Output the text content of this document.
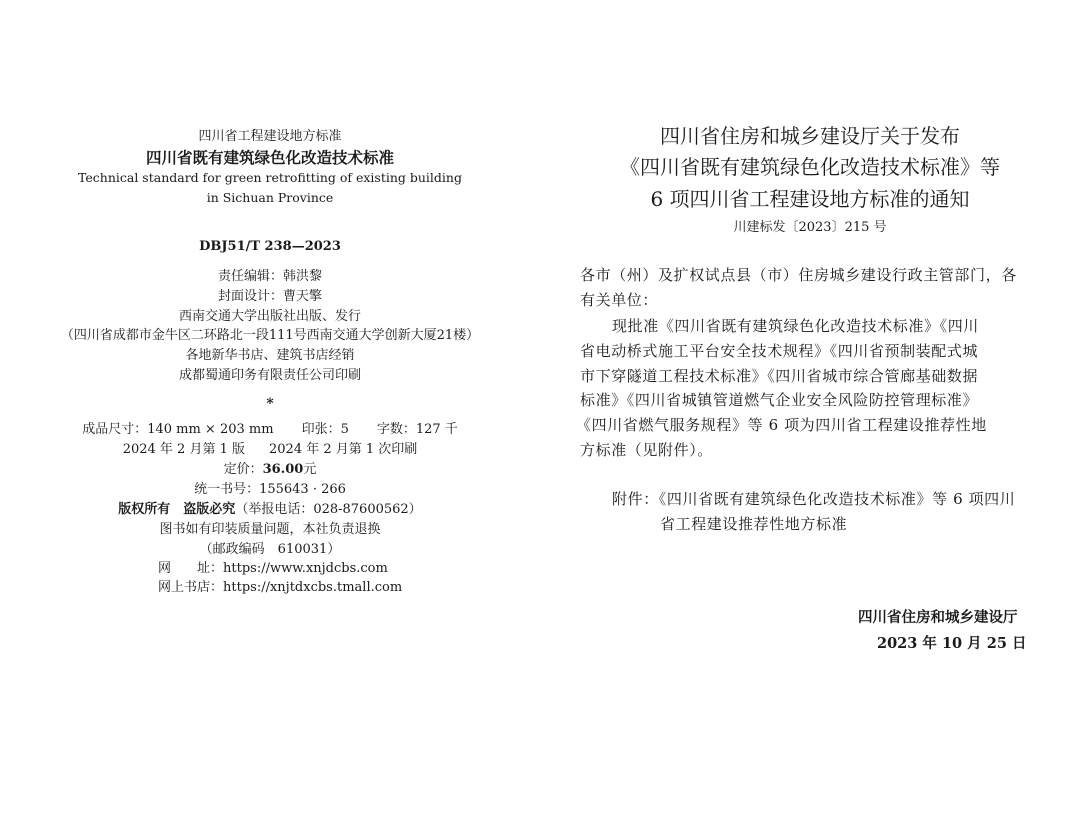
四川省工程建设地方标准
四川省既有建筑绿色化改造技术标准
Technical standard for green retrofitting of existing building
in Sichuan Province
DBJ51/T 238—2023
责任编辑：韩洪黎
封面设计：曹天擎
西南交通大学出版社出版、发行
（四川省成都市金牛区二环路北一段111号西南交通大学创新大厦21楼）
各地新华书店、建筑书店经销
成都蜀通印务有限责任公司印刷
*
成品尺寸：140 mm × 203 mm 印张：5 字数：127 千
2024 年 2 月第 1 版 2024 年 2 月第 1 次印刷
定价：36.00元
统一书号：155643 · 266
版权所有　盗版必究（举报电话：028-87600562）
图书如有印装质量问题，本社负责退换
（邮政编码　610031）
网　　址：https://www.xnjdcbs.com
网上书店：https://xnjtdxcbs.tmall.com
四川省住房和城乡建设厅关于发布
《四川省既有建筑绿色化改造技术标准》等
6 项四川省工程建设地方标准的通知
川建标发〔2023〕215 号
各市（州）及扩权试点县（市）住房城乡建设行政主管部门，各
有关单位：
现批准《四川省既有建筑绿色化改造技术标准》《四川
省电动桥式施工平台安全技术规程》《四川省预制装配式城
市下穿隧道工程技术标准》《四川省城市综合管廊基础数据
标准》《四川省城镇管道燃气企业安全风险防控管理标准》
《四川省燃气服务规程》等 6 项为四川省工程建设推荐性地
方标准（见附件）。
附件：《四川省既有建筑绿色化改造技术标准》等 6 项四川
省工程建设推荐性地方标准
四川省住房和城乡建设厅
2023 年 10 月 25 日
